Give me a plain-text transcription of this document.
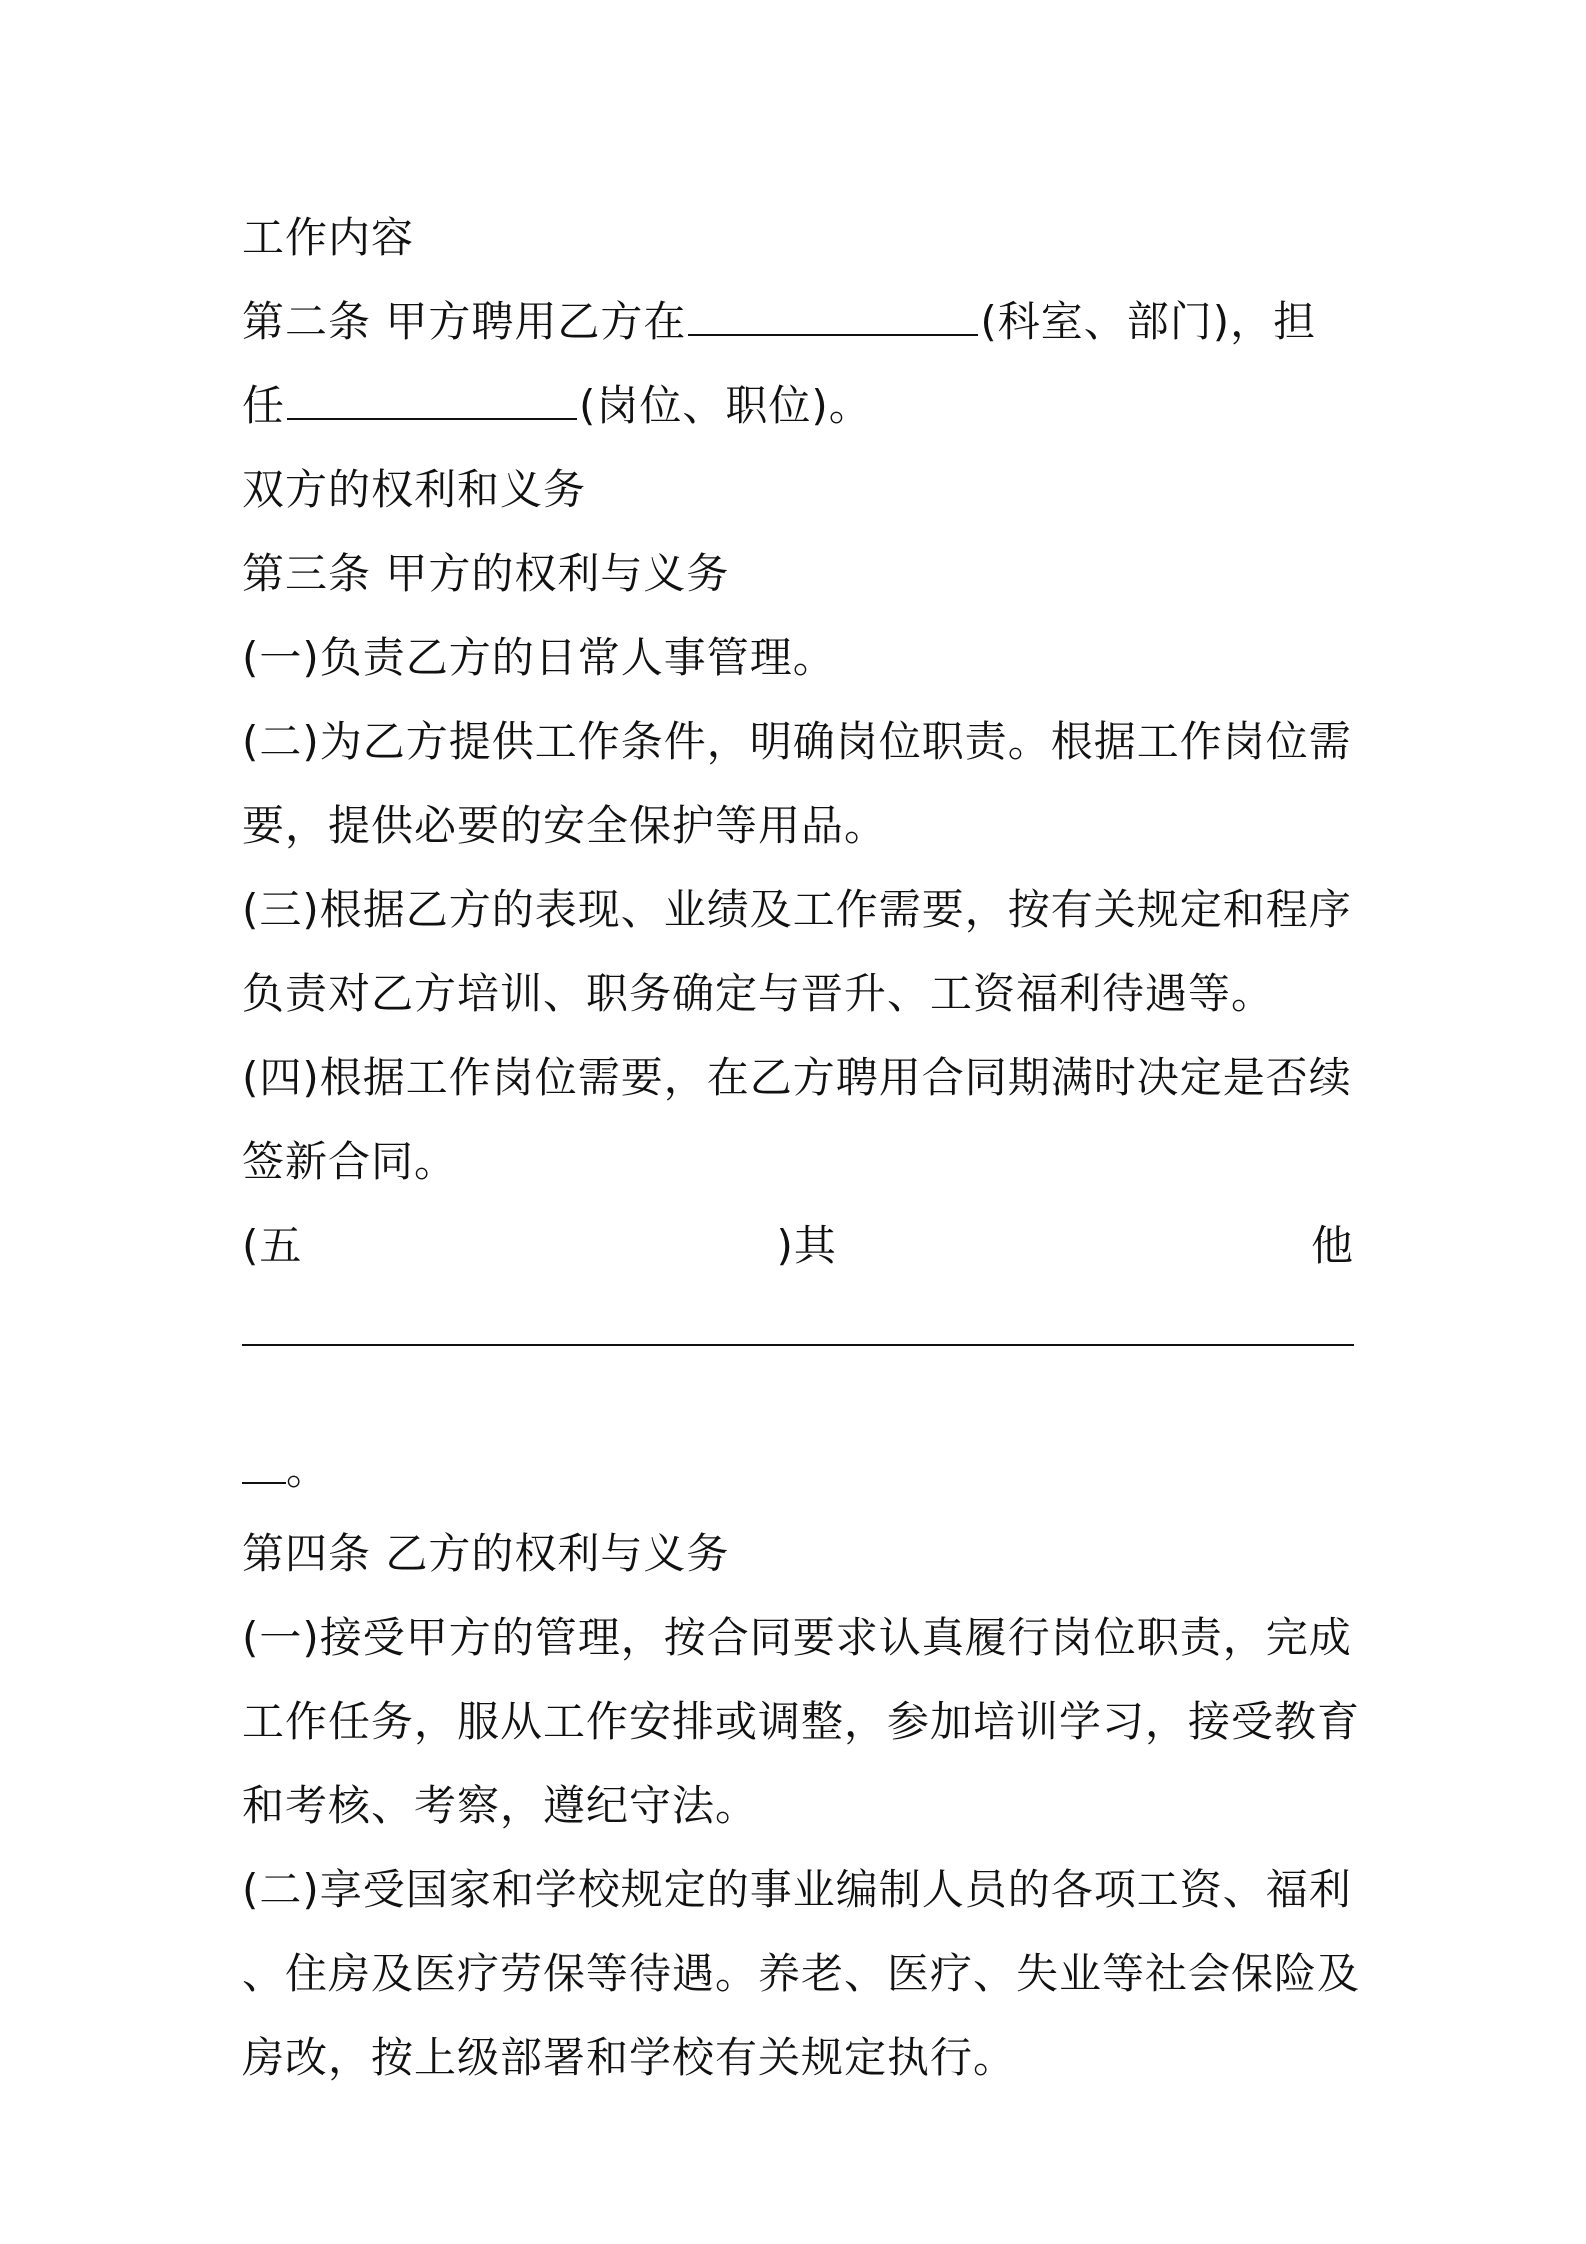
工作内容
第二条 甲方聘用乙方在	(科室、部门)，担
任	(岗位、职位)。
双方的权利和义务
第三条 甲方的权利与义务
(一)负责乙方的日常人事管理。
(二)为乙方提供工作条件，明确岗位职责。根据工作岗位需
要，提供必要的安全保护等用品。
(三)根据乙方的表现、业绩及工作需要，按有关规定和程序
负责对乙方培训、职务确定与晋升、工资福利待遇等。
(四)根据工作岗位需要，在乙方聘用合同期满时决定是否续
签新合同。
(五	)其	他
。
第四条 乙方的权利与义务
(一)接受甲方的管理，按合同要求认真履行岗位职责，完成
工作任务，服从工作安排或调整，参加培训学习，接受教育
和考核、考察，遵纪守法。
(二)享受国家和学校规定的事业编制人员的各项工资、福利
、住房及医疗劳保等待遇。养老、医疗、失业等社会保险及
房改，按上级部署和学校有关规定执行。
